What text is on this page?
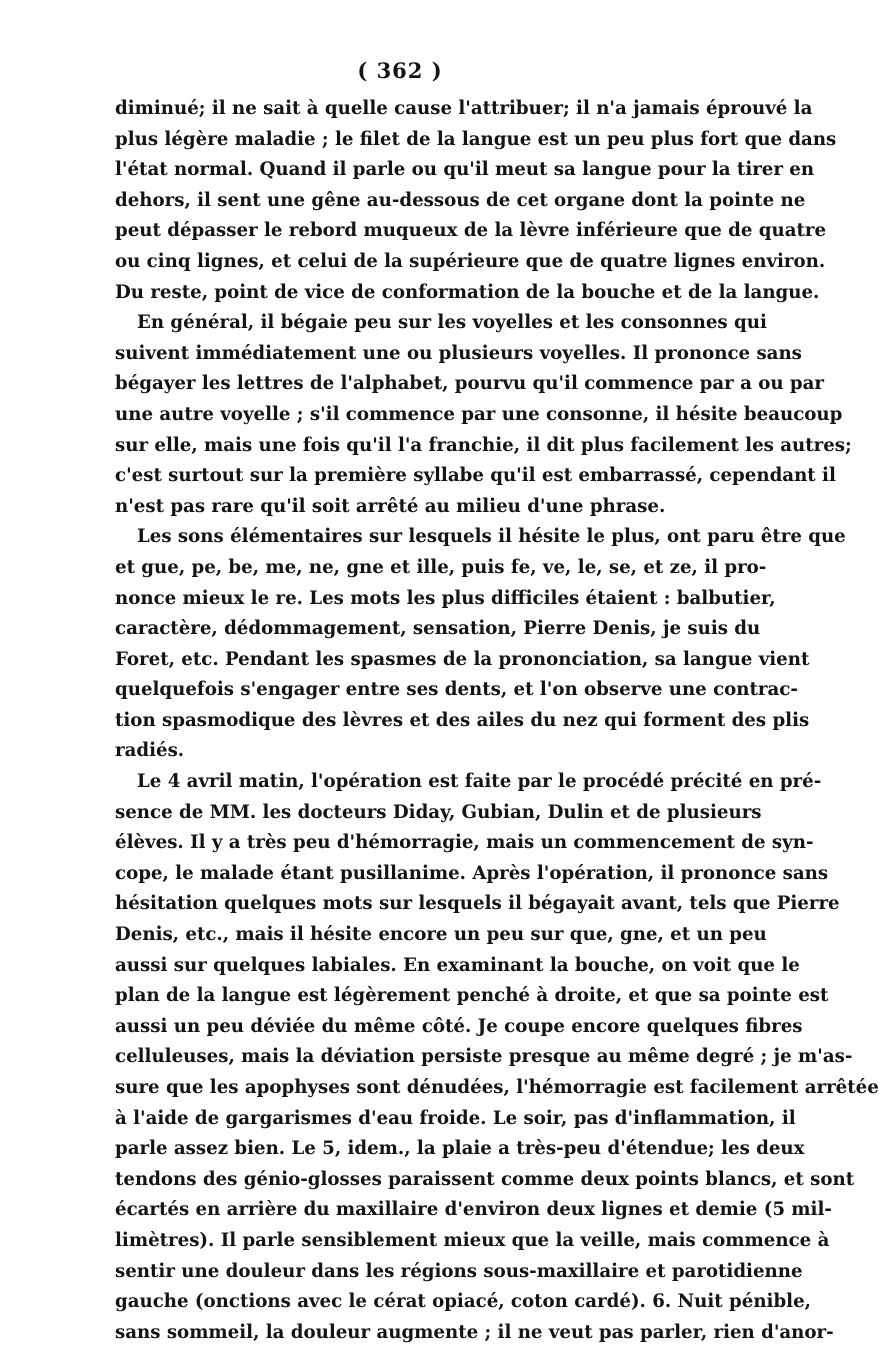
( 362 )
diminué; il ne sait à quelle cause l'attribuer; il n'a jamais éprouvé la
plus légère maladie ; le filet de la langue est un peu plus fort que dans
l'état normal. Quand il parle ou qu'il meut sa langue pour la tirer en
dehors, il sent une gêne au-dessous de cet organe dont la pointe ne
peut dépasser le rebord muqueux de la lèvre inférieure que de quatre
ou cinq lignes, et celui de la supérieure que de quatre lignes environ.
Du reste, point de vice de conformation de la bouche et de la langue.
En général, il bégaie peu sur les voyelles et les consonnes qui
suivent immédiatement une ou plusieurs voyelles. Il prononce sans
bégayer les lettres de l'alphabet, pourvu qu'il commence par a ou par
une autre voyelle ; s'il commence par une consonne, il hésite beaucoup
sur elle, mais une fois qu'il l'a franchie, il dit plus facilement les autres;
c'est surtout sur la première syllabe qu'il est embarrassé, cependant il
n'est pas rare qu'il soit arrêté au milieu d'une phrase.
Les sons élémentaires sur lesquels il hésite le plus, ont paru être que
et gue, pe, be, me, ne, gne et ille, puis fe, ve, le, se, et ze, il pro-
nonce mieux le re. Les mots les plus difficiles étaient : balbutier,
caractère, dédommagement, sensation, Pierre Denis, je suis du
Foret, etc. Pendant les spasmes de la prononciation, sa langue vient
quelquefois s'engager entre ses dents, et l'on observe une contrac-
tion spasmodique des lèvres et des ailes du nez qui forment des plis
radiés.
Le 4 avril matin, l'opération est faite par le procédé précité en pré-
sence de MM. les docteurs Diday, Gubian, Dulin et de plusieurs
élèves. Il y a très peu d'hémorragie, mais un commencement de syn-
cope, le malade étant pusillanime. Après l'opération, il prononce sans
hésitation quelques mots sur lesquels il bégayait avant, tels que Pierre
Denis, etc., mais il hésite encore un peu sur que, gne, et un peu
aussi sur quelques labiales. En examinant la bouche, on voit que le
plan de la langue est légèrement penché à droite, et que sa pointe est
aussi un peu déviée du même côté. Je coupe encore quelques fibres
celluleuses, mais la déviation persiste presque au même degré ; je m'as-
sure que les apophyses sont dénudées, l'hémorragie est facilement arrêtée
à l'aide de gargarismes d'eau froide. Le soir, pas d'inflammation, il
parle assez bien. Le 5, idem., la plaie a très-peu d'étendue; les deux
tendons des génio-glosses paraissent comme deux points blancs, et sont
écartés en arrière du maxillaire d'environ deux lignes et demie (5 mil-
limètres). Il parle sensiblement mieux que la veille, mais commence à
sentir une douleur dans les régions sous-maxillaire et parotidienne
gauche (onctions avec le cérat opiacé, coton cardé). 6. Nuit pénible,
sans sommeil, la douleur augmente ; il ne veut pas parler, rien d'anor-
